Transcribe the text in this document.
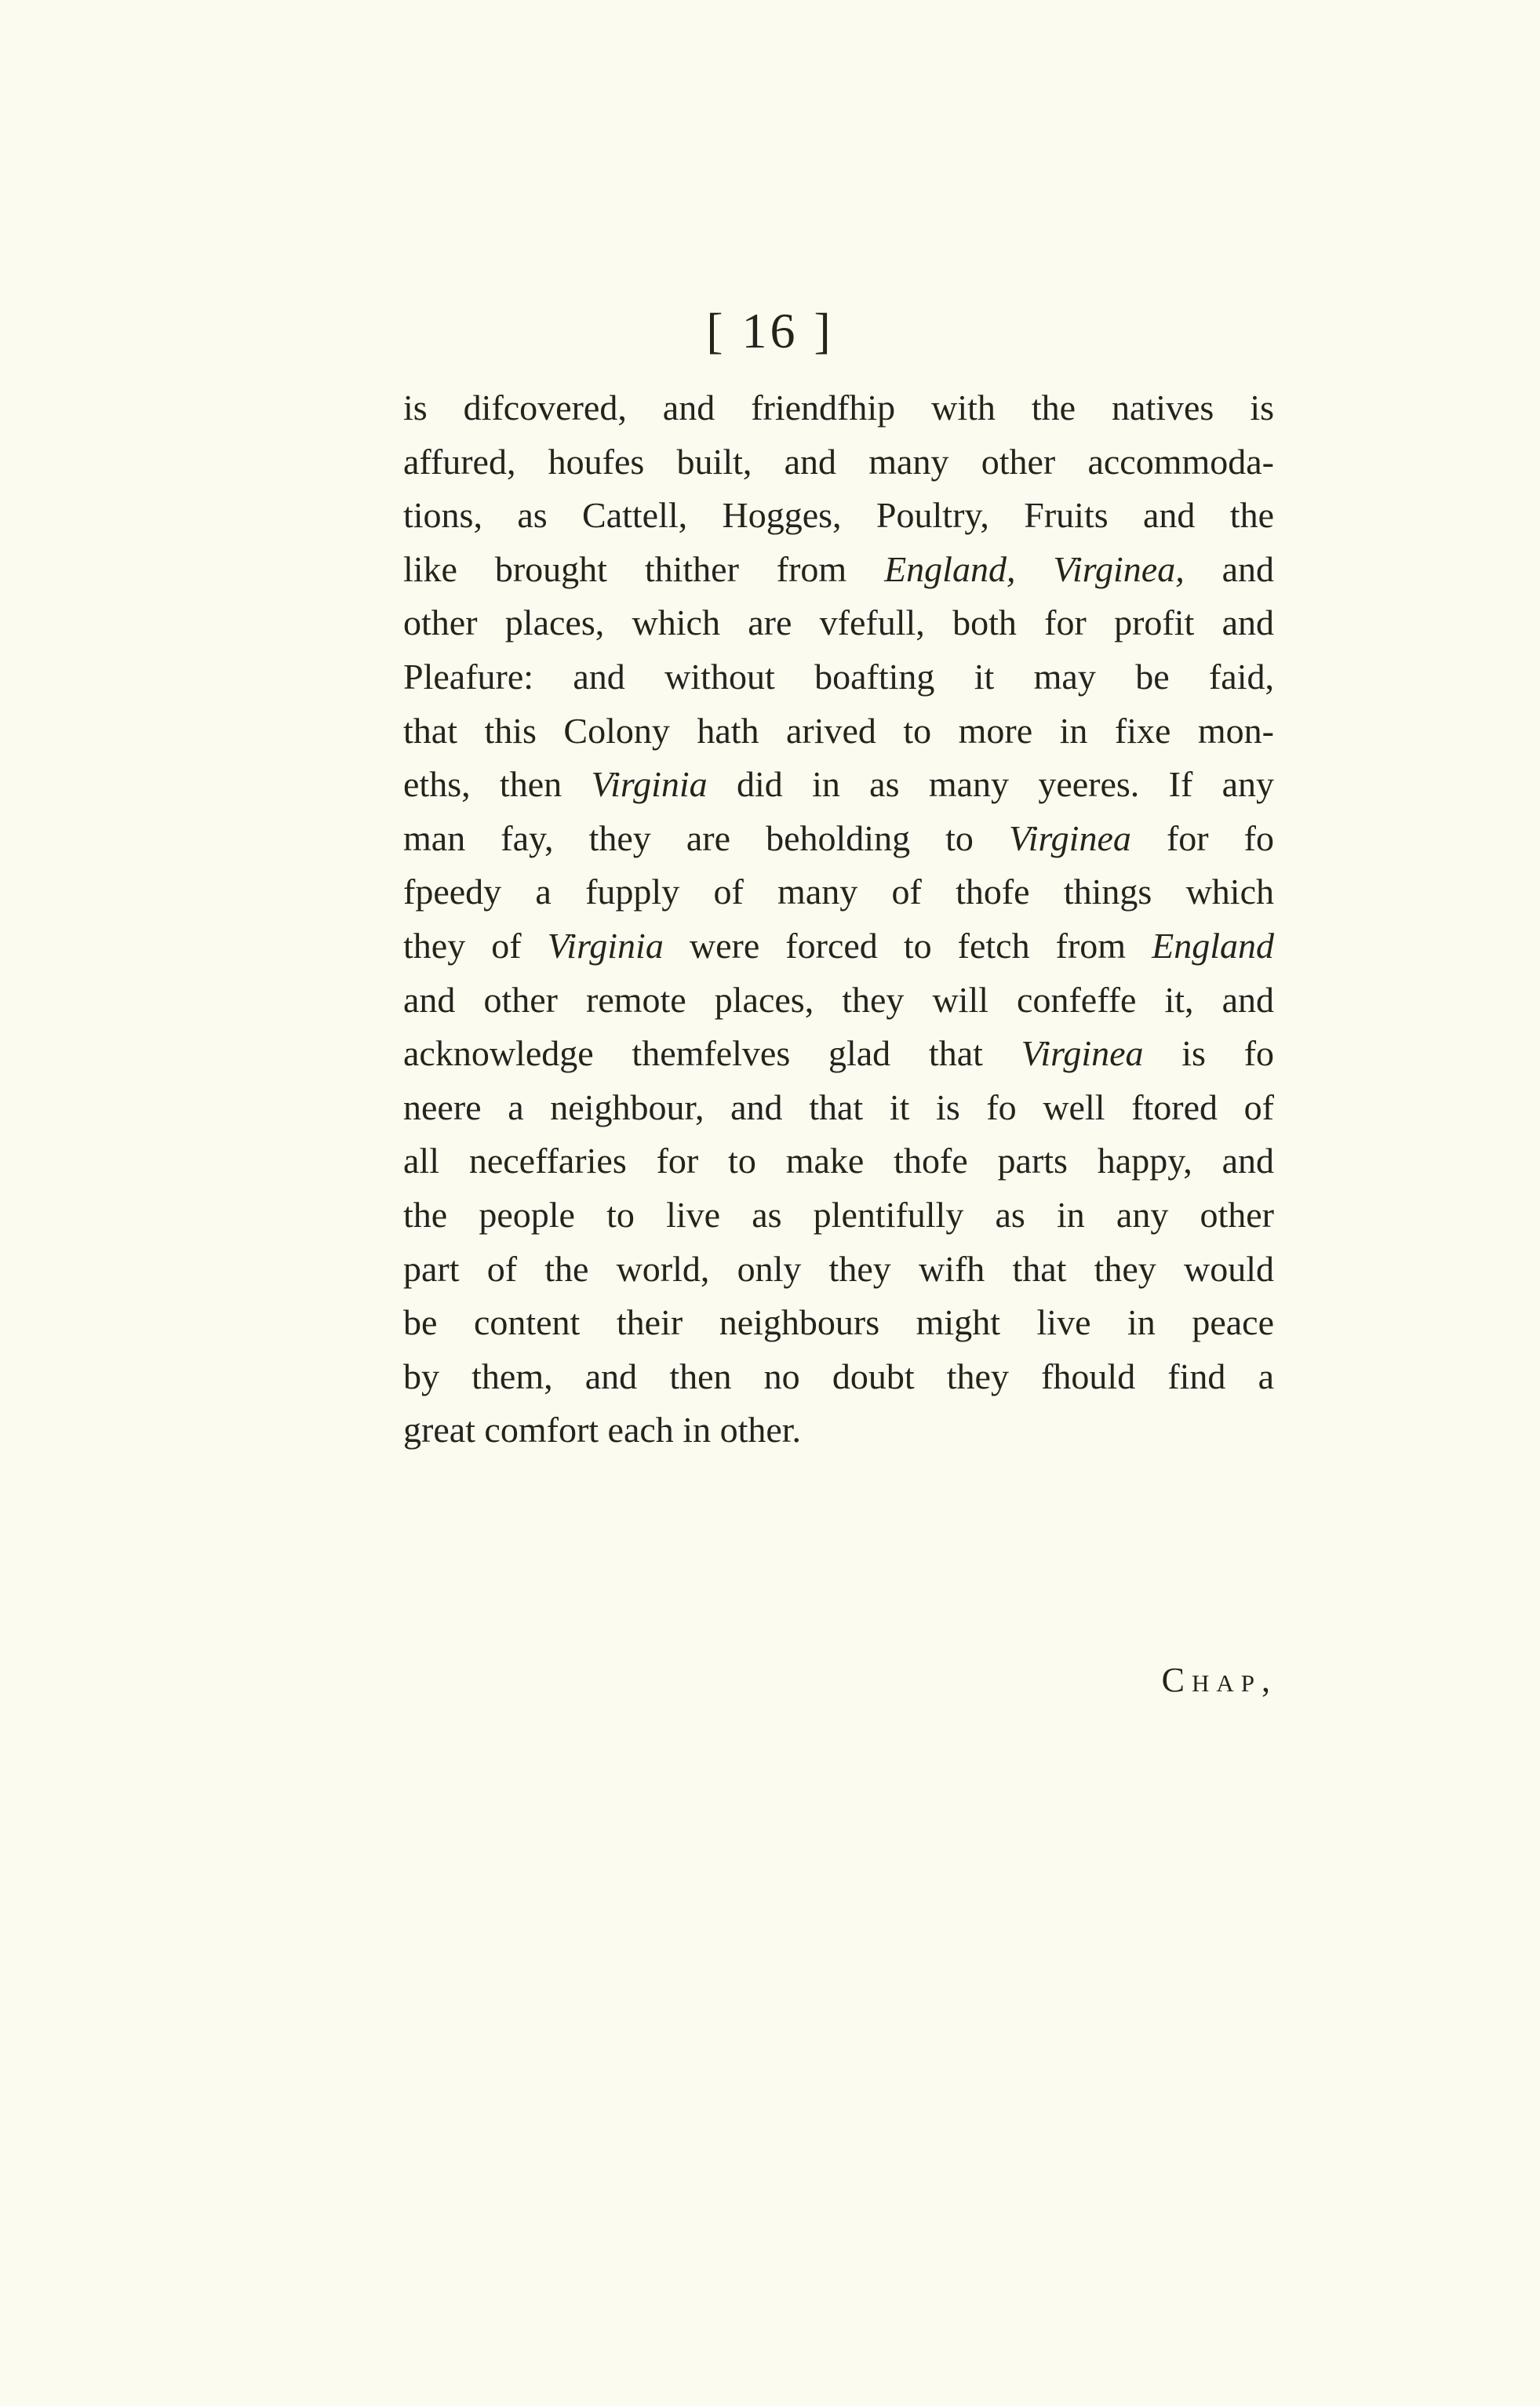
[ 16 ]
is difcovered, and friendfhip with the natives is
affured, houfes built, and many other accommoda-
tions, as Cattell, Hogges, Poultry, Fruits and the
like brought thither from England, Virginea, and
other places, which are vfefull, both for profit and
Pleafure: and without boafting it may be faid,
that this Colony hath arived to more in fixe mon-
eths, then Virginia did in as many yeeres. If any
man fay, they are beholding to Virginea for fo
fpeedy a fupply of many of thofe things which
they of Virginia were forced to fetch from England
and other remote places, they will confeffe it, and
acknowledge themfelves glad that Virginea is fo
neere a neighbour, and that it is fo well ftored of
all neceffaries for to make thofe parts happy, and
the people to live as plentifully as in any other
part of the world, only they wifh that they would
be content their neighbours might live in peace
by them, and then no doubt they fhould find a
great comfort each in other.
Chap,
